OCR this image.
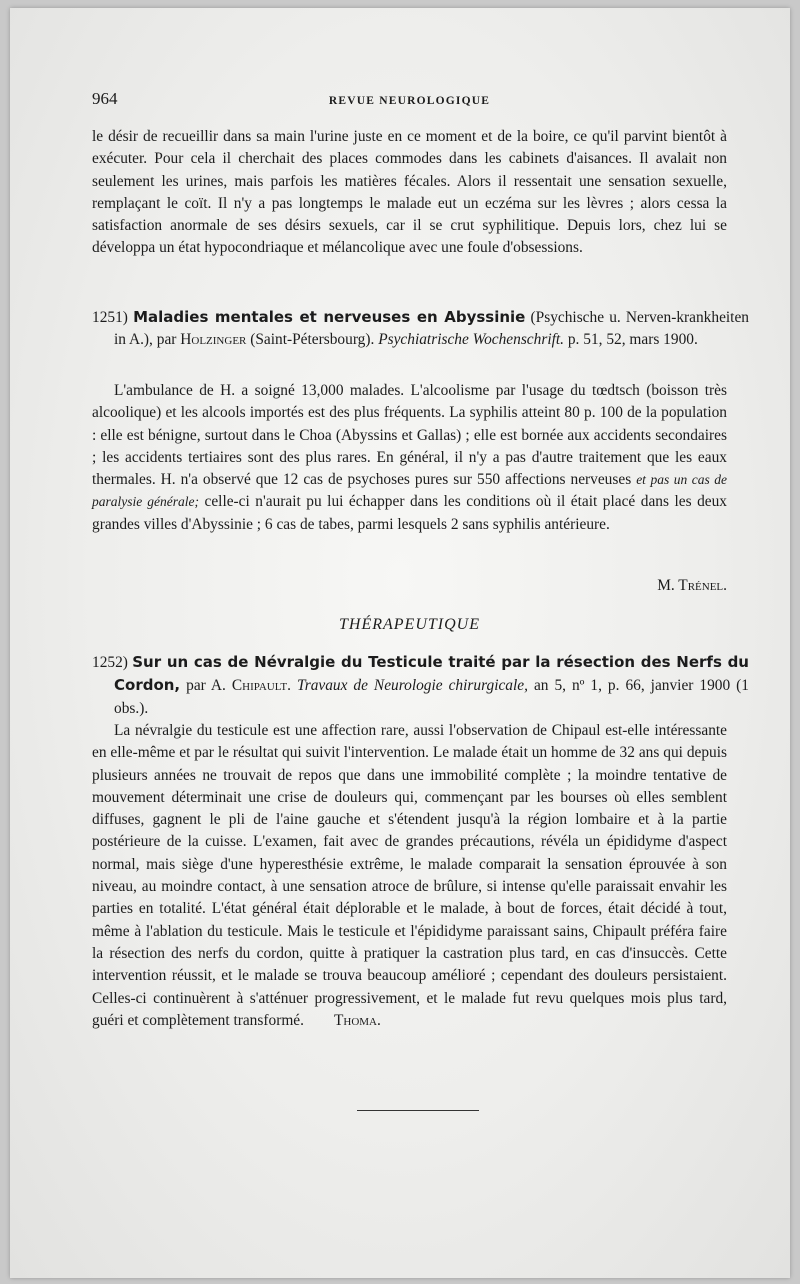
964	REVUE NEUROLOGIQUE

le désir de recueillir dans sa main l'urine juste en ce moment et de la boire, ce qu'il parvint bientôt à exécuter. Pour cela il cherchait des places commodes dans les cabinets d'aisances. Il avalait non seulement les urines, mais parfois les matières fécales. Alors il ressentait une sensation sexuelle, remplaçant le coït. Il n'y a pas longtemps le malade eut un eczéma sur les lèvres ; alors cessa la satisfaction anormale de ses désirs sexuels, car il se crut syphilitique. Depuis lors, chez lui se développa un état hypocondriaque et mélancolique avec une foule d'obsessions.

1251) Maladies mentales et nerveuses en Abyssinie (Psychische u. Nerven-krankheiten in A.), par Holzinger (Saint-Pétersbourg). Psychiatrische Wochenschrift. p. 51, 52, mars 1900.

L'ambulance de H. a soigné 13,000 malades. L'alcoolisme par l'usage du tœdtsch (boisson très alcoolique) et les alcools importés est des plus fréquents. La syphilis atteint 80 p. 100 de la population : elle est bénigne, surtout dans le Choa (Abyssins et Gallas) ; elle est bornée aux accidents secondaires ; les accidents tertiaires sont des plus rares. En général, il n'y a pas d'autre traitement que les eaux thermales. H. n'a observé que 12 cas de psychoses pures sur 550 affections nerveuses et pas un cas de paralysie générale; celle-ci n'aurait pu lui échapper dans les conditions où il était placé dans les deux grandes villes d'Abyssinie ; 6 cas de tabes, parmi lesquels 2 sans syphilis antérieure.

M. Trénel.

THÉRAPEUTIQUE

1252) Sur un cas de Névralgie du Testicule traité par la résection des Nerfs du Cordon, par A. Chipault. Travaux de Neurologie chirurgicale, an 5, nº 1, p. 66, janvier 1900 (1 obs.).

La névralgie du testicule est une affection rare, aussi l'observation de Chipaul est-elle intéressante en elle-même et par le résultat qui suivit l'intervention. Le malade était un homme de 32 ans qui depuis plusieurs années ne trouvait de repos que dans une immobilité complète ; la moindre tentative de mouvement déterminait une crise de douleurs qui, commençant par les bourses où elles semblent diffuses, gagnent le pli de l'aine gauche et s'étendent jusqu'à la région lombaire et à la partie postérieure de la cuisse. L'examen, fait avec de grandes précautions, révéla un épididyme d'aspect normal, mais siège d'une hyperesthésie extrême, le malade comparait la sensation éprouvée à son niveau, au moindre contact, à une sensation atroce de brûlure, si intense qu'elle paraissait envahir les parties en totalité. L'état général était déplorable et le malade, à bout de forces, était décidé à tout, même à l'ablation du testicule. Mais le testicule et l'épididyme paraissant sains, Chipault préféra faire la résection des nerfs du cordon, quitte à pratiquer la castration plus tard, en cas d'insuccès. Cette intervention réussit, et le malade se trouva beaucoup amélioré ; cependant des douleurs persistaient. Celles-ci continuèrent à s'atténuer progressivement, et le malade fut revu quelques mois plus tard, guéri et complètement transformé. Thoma.
